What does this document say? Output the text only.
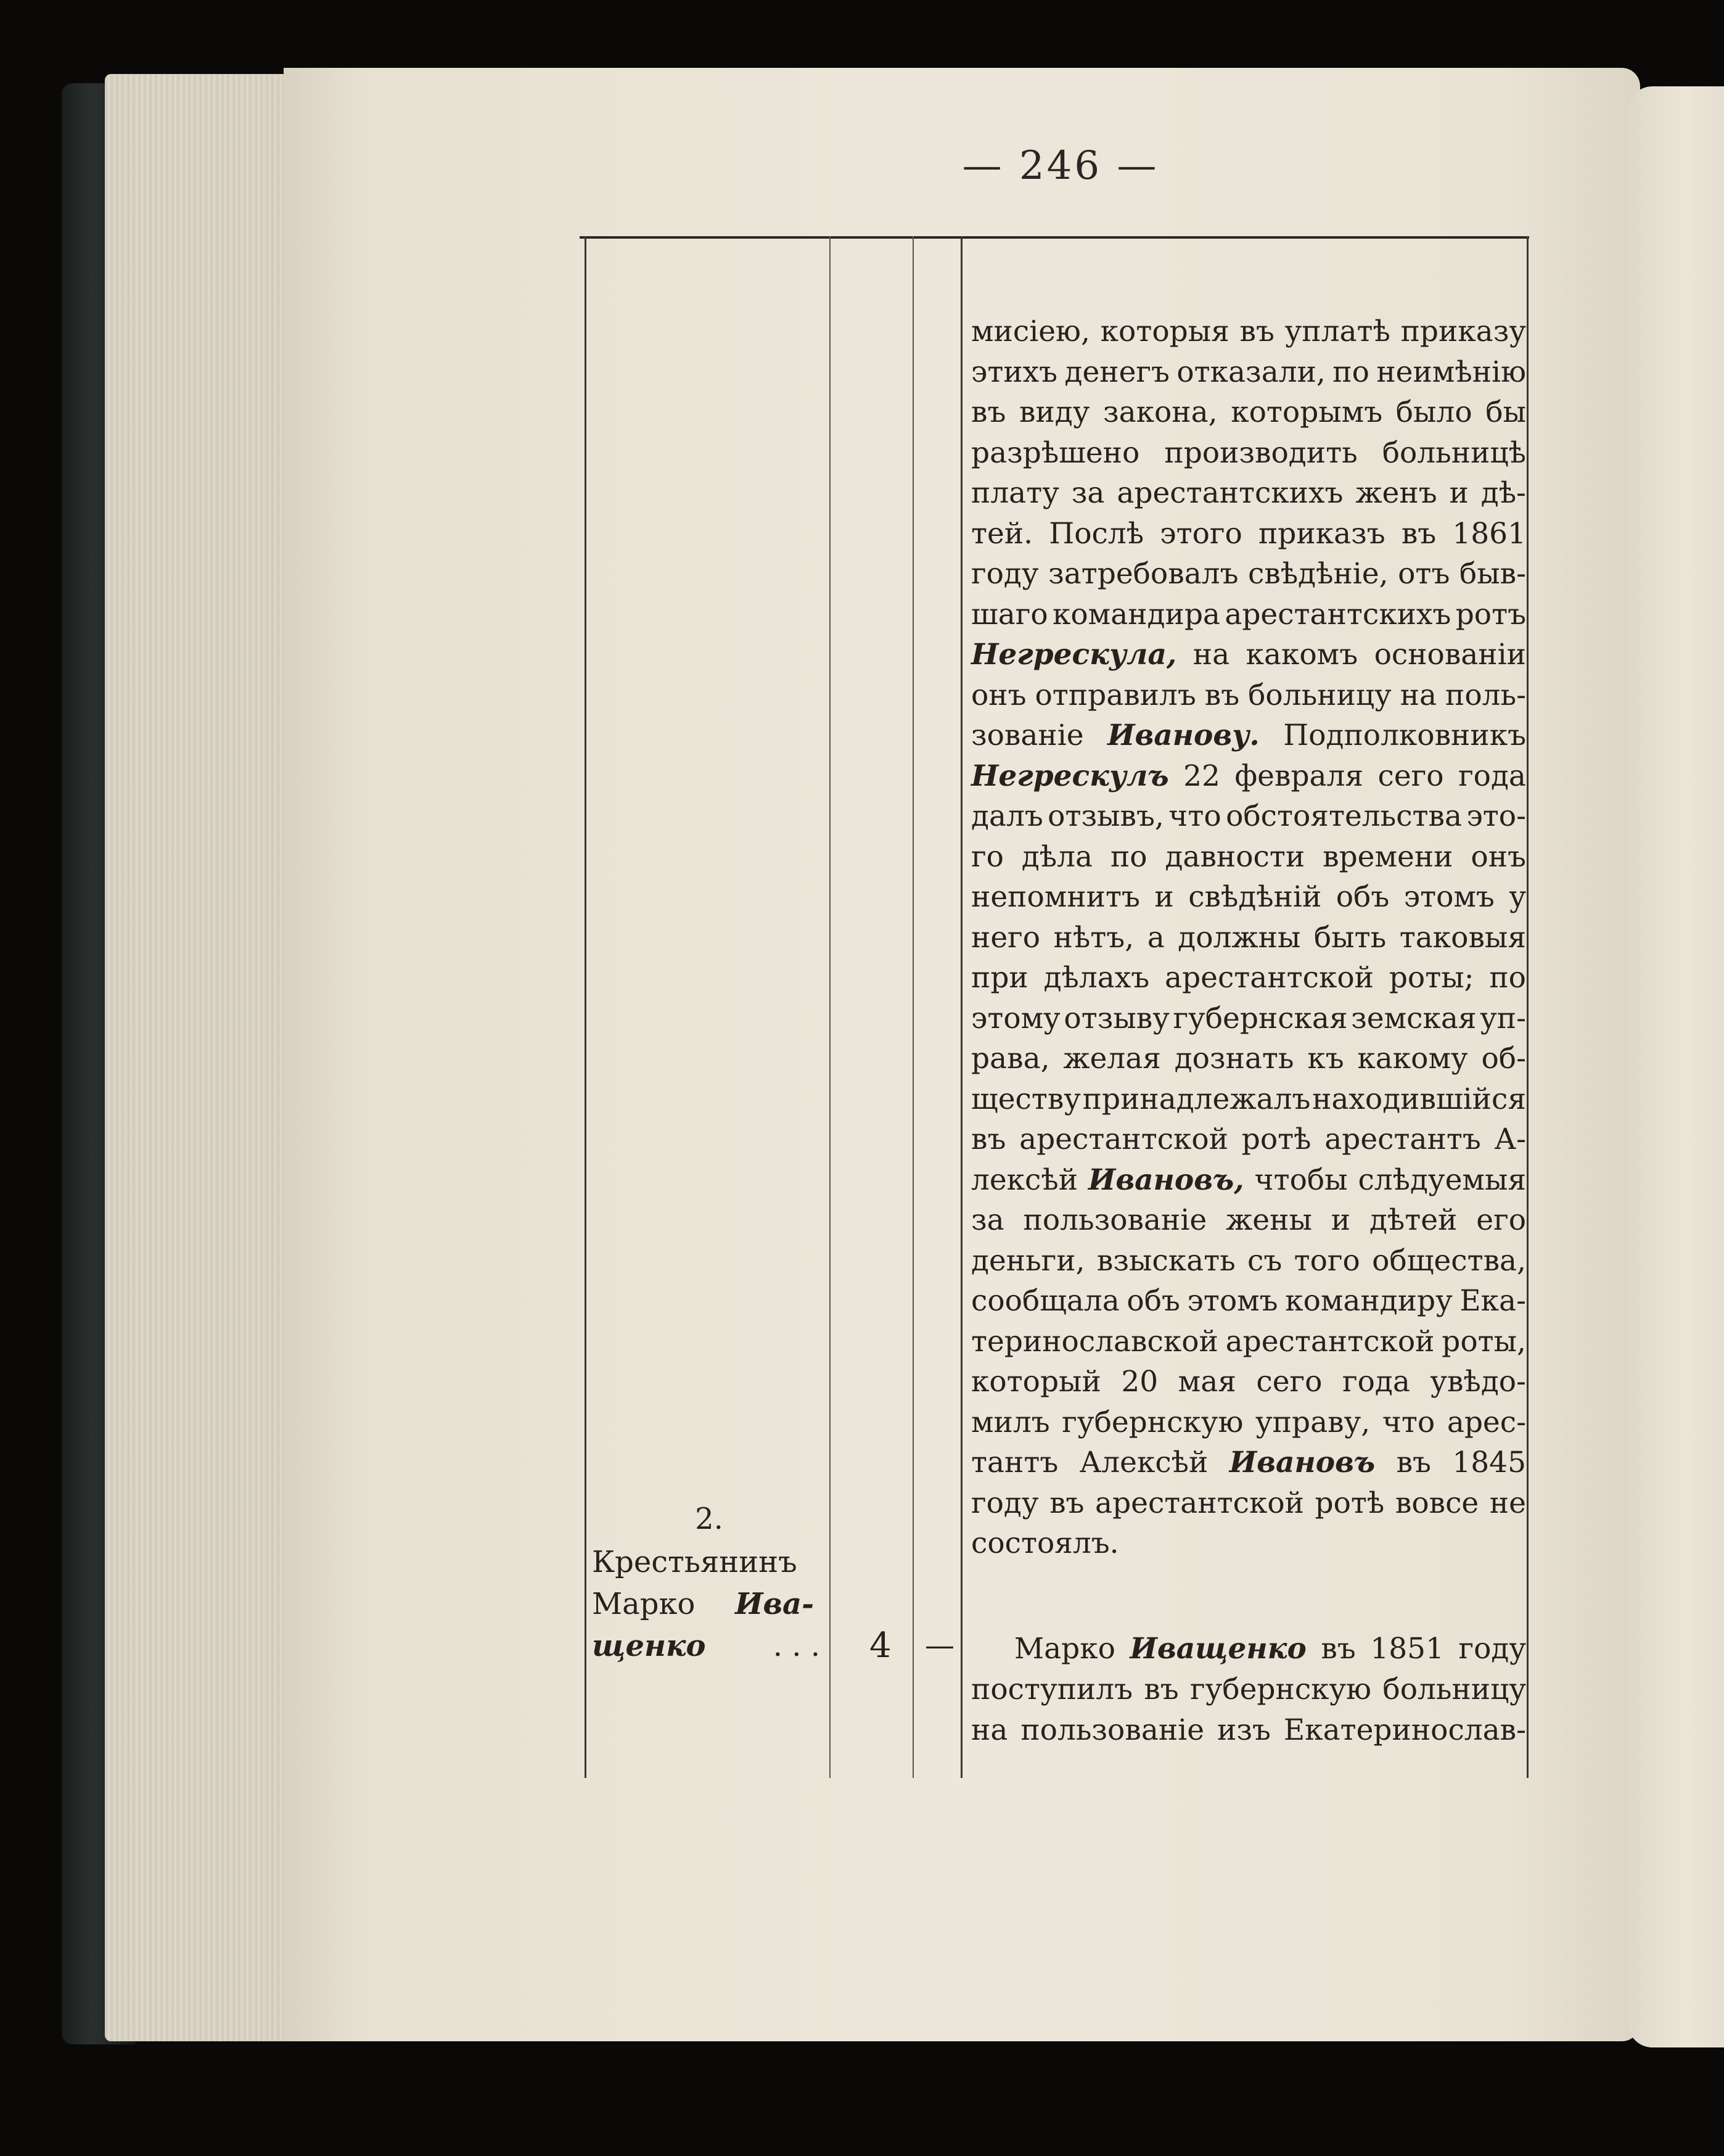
— 246 —
мисiею, которыя въ уплатѣ приказу
этихъ денегъ отказали, по неимѣнiю
въ виду закона, которымъ было бы
разрѣшено производить больницѣ
плату за арестантскихъ женъ и дѣ-
тей. Послѣ этого приказъ въ 1861
году затребовалъ свѣдѣнiе, отъ быв-
шаго командира арестантскихъ ротъ
Негрескула, на какомъ основанiи
онъ отправилъ въ больницу на поль-
зованiе Иванову. Подполковникъ
Негрескулъ 22 февраля сего года
далъ отзывъ, что обстоятельства это-
го дѣла по давности времени онъ
непомнитъ и свѣдѣнiй объ этомъ у
него нѣтъ, а должны быть таковыя
при дѣлахъ арестантской роты; по
этому отзыву губернская земская уп-
рава, желая дознать къ какому об-
ществу принадлежалъ находившiйся
въ арестантской ротѣ арестантъ А-
лексѣй Ивановъ, чтобы слѣдуемыя
за пользованiе жены и дѣтей его
деньги, взыскать съ того общества,
сообщала объ этомъ командиру Ека-
теринославской арестантской роты,
который 20 мая сего года увѣдо-
милъ губернскую управу, что арес-
тантъ Алексѣй Ивановъ въ 1845
году въ арестантской ротѣ вовсе не
состоялъ.
2.
Крестьянинъ
Марко Ива-
щенко . . . 4 — Марко Иващенко въ 1851 году
поступилъ въ губернскую больницу
на пользованiе изъ Екатеринослав-
